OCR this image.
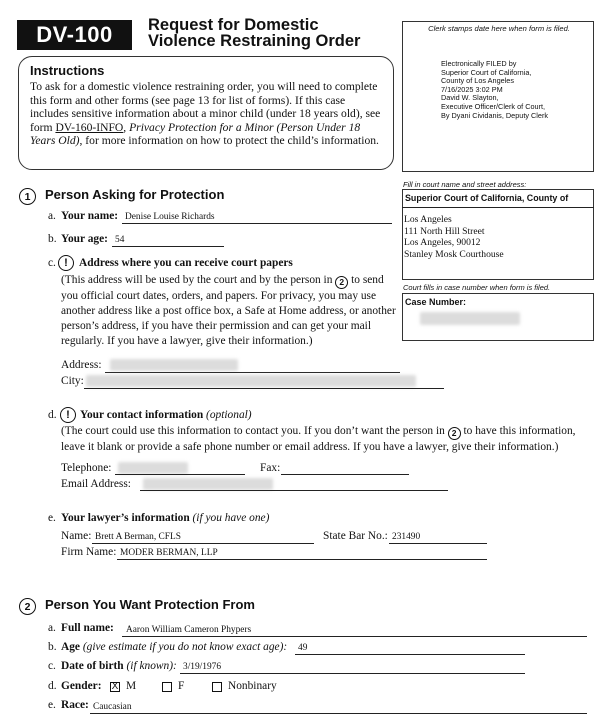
DV-100	Request for Domestic
Violence Restraining Order
Instructions
To ask for a domestic violence restraining order, you will need to complete this form and other forms (see page 13 for list of forms). If this case includes sensitive information about a minor child (under 18 years old), see form DV-160-INFO, Privacy Protection for a Minor (Person Under 18 Years Old), for more information on how to protect the child’s information.
Clerk stamps date here when form is filed.
Electronically FILED by
Superior Court of California,
County of Los Angeles
7/16/2025 3:02 PM
David W. Slayton,
Executive Officer/Clerk of Court,
By Dyani Cividanis, Deputy Clerk
Fill in court name and street address:
Superior Court of California, County of
Los Angeles
111 North Hill Street
Los Angeles, 90012
Stanley Mosk Courthouse
Court fills in case number when form is filed.
Case Number:
1	Person Asking for Protection
a. Your name: Denise Louise Richards
b. Your age: 54
c. ! Address where you can receive court papers
(This address will be used by the court and by the person in 2 to send you official court dates, orders, and papers. For privacy, you may use another address like a post office box, a Safe at Home address, or another person’s address, if you have their permission and can get your mail regularly. If you have a lawyer, give their information.)
Address:
City:
d. ! Your contact information (optional)
(The court could use this information to contact you. If you don’t want the person in 2 to have this information, leave it blank or provide a safe phone number or email address. If you have a lawyer, give their information.)
Telephone:	Fax:
Email Address:
e. Your lawyer’s information (if you have one)
Name: Brett A Berman, CFLS	State Bar No.: 231490
Firm Name: MODER BERMAN, LLP
2	Person You Want Protection From
a. Full name: Aaron William Cameron Phypers
b. Age (give estimate if you do not know exact age): 49
c. Date of birth (if known): 3/19/1976
d. Gender: X M	F	Nonbinary
e. Race: Caucasian
